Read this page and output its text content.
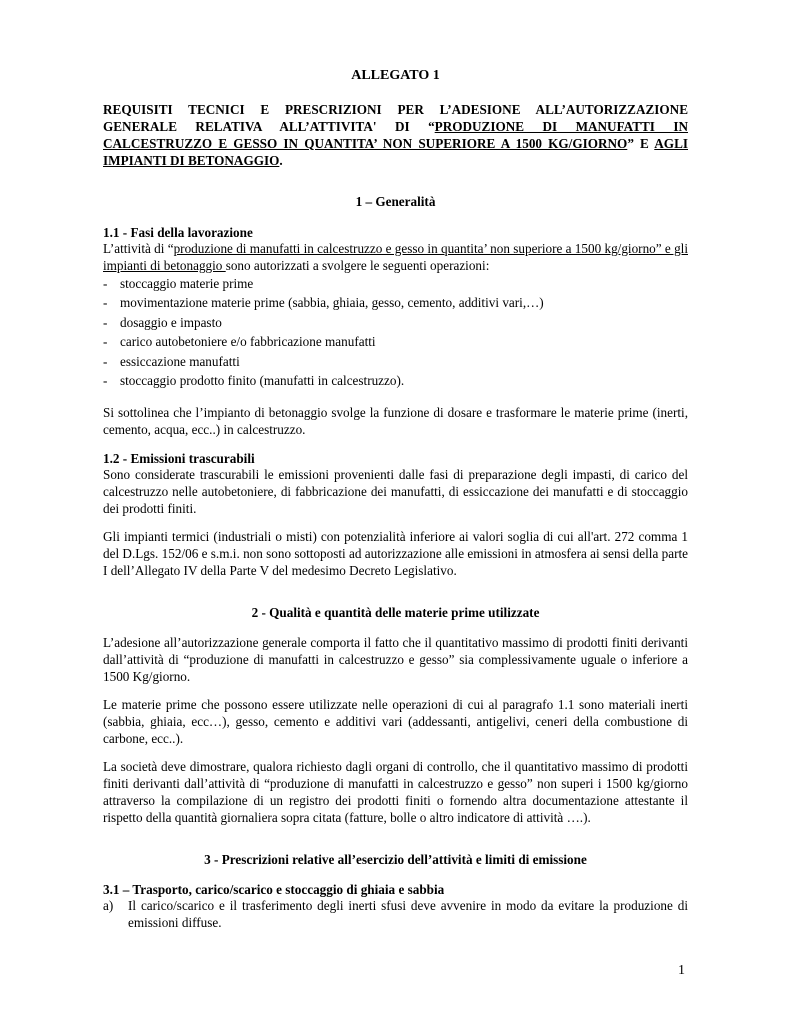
ALLEGATO 1
REQUISITI TECNICI E PRESCRIZIONI PER L’ADESIONE ALL’AUTORIZZAZIONE GENERALE RELATIVA ALL’ATTIVITA' DI “PRODUZIONE DI MANUFATTI IN CALCESTRUZZO E GESSO IN QUANTITA’ NON SUPERIORE A 1500 KG/GIORNO” E AGLI IMPIANTI DI BETONAGGIO.
1 – Generalità
1.1 - Fasi della lavorazione
L’attività di “produzione di manufatti in calcestruzzo e gesso in quantita’ non superiore a 1500 kg/giorno” e gli impianti di betonaggio sono autorizzati a svolgere le seguenti operazioni:
- stoccaggio materie prime
- movimentazione materie prime (sabbia, ghiaia, gesso, cemento, additivi vari,…)
- dosaggio e impasto
- carico autobetoniere e/o fabbricazione manufatti
- essiccazione manufatti
- stoccaggio prodotto finito (manufatti in calcestruzzo).
Si sottolinea che l’impianto di betonaggio svolge la funzione di dosare e trasformare le materie prime (inerti, cemento, acqua, ecc..) in calcestruzzo.
1.2 - Emissioni trascurabili
Sono considerate trascurabili le emissioni provenienti dalle fasi di preparazione degli impasti, di carico del calcestruzzo nelle autobetoniere, di fabbricazione dei manufatti, di essiccazione dei manufatti e di stoccaggio dei prodotti finiti.
Gli impianti termici (industriali o misti) con potenzialità inferiore ai valori soglia di cui all'art. 272 comma 1 del D.Lgs. 152/06 e s.m.i. non sono sottoposti ad autorizzazione alle emissioni in atmosfera ai sensi della parte I dell’Allegato IV della Parte V del medesimo Decreto Legislativo.
2 - Qualità e quantità delle materie prime utilizzate
L’adesione all’autorizzazione generale comporta il fatto che il quantitativo massimo di prodotti finiti derivanti dall’attività di “produzione di manufatti in calcestruzzo e gesso” sia complessivamente uguale o inferiore a 1500 Kg/giorno.
Le materie prime che possono essere utilizzate nelle operazioni di cui al paragrafo 1.1 sono materiali inerti (sabbia, ghiaia, ecc…), gesso, cemento e additivi vari (addessanti, antigelivi, ceneri della combustione di carbone, ecc..).
La società deve dimostrare, qualora richiesto dagli organi di controllo, che il quantitativo massimo di prodotti finiti derivanti dall’attività di “produzione di manufatti in calcestruzzo e gesso” non superi i 1500 kg/giorno attraverso la compilazione di un registro dei prodotti finiti o fornendo altra documentazione attestante il rispetto della quantità giornaliera sopra citata (fatture, bolle o altro indicatore di attività ….).
3 - Prescrizioni relative all’esercizio dell’attività e limiti di emissione
3.1 – Trasporto, carico/scarico e stoccaggio di ghiaia e sabbia
a) Il carico/scarico e il trasferimento degli inerti sfusi deve avvenire in modo da evitare la produzione di emissioni diffuse.
1
